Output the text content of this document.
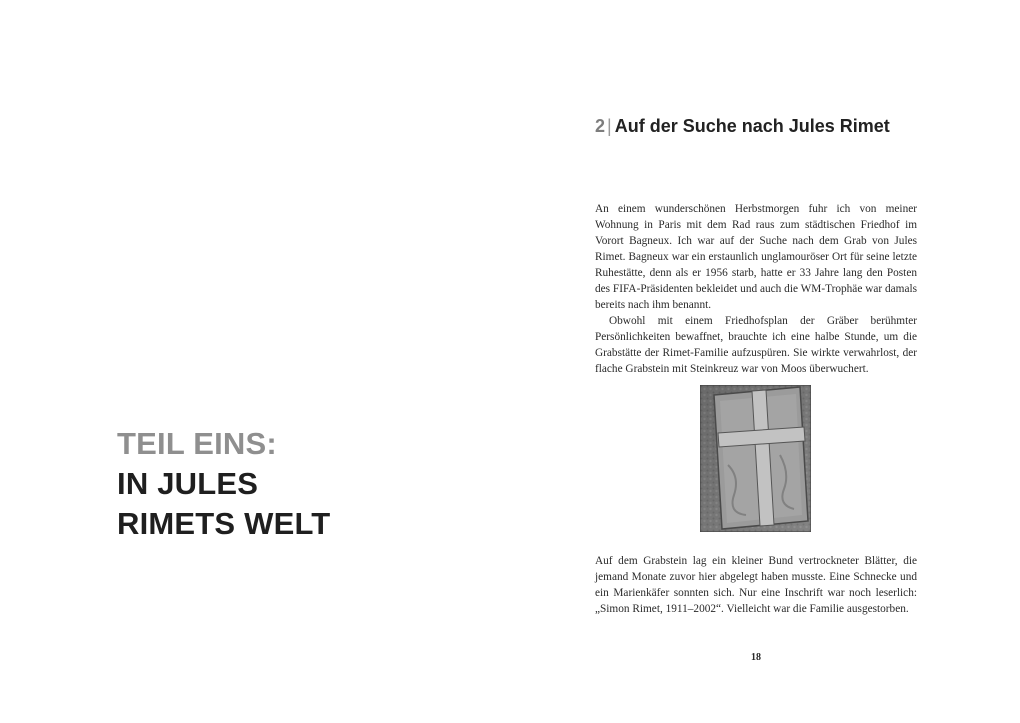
TEIL EINS:
IN JULES
RIMETS WELT
2 | Auf der Suche nach Jules Rimet

An einem wunderschönen Herbstmorgen fuhr ich von meiner Wohnung in Paris mit dem Rad raus zum städtischen Friedhof im Vorort Bagneux. Ich war auf der Suche nach dem Grab von Jules Rimet. Bagneux war ein erstaunlich unglamouröser Ort für seine letzte Ruhestätte, denn als er 1956 starb, hatte er 33 Jahre lang den Posten des FIFA-Präsidenten bekleidet und auch die WM-Trophäe war damals bereits nach ihm benannt.

Obwohl mit einem Friedhofsplan der Gräber berühmter Persönlichkeiten bewaffnet, brauchte ich eine halbe Stunde, um die Grabstätte der Rimet-Familie aufzuspüren. Sie wirkte verwahrlost, der flache Grabstein mit Steinkreuz war von Moos überwuchert.

Auf dem Grabstein lag ein kleiner Bund vertrockneter Blätter, die jemand Monate zuvor hier abgelegt haben musste. Eine Schnecke und ein Marienkäfer sonnten sich. Nur eine Inschrift war noch leserlich: „Simon Rimet, 1911–2002“. Vielleicht war die Familie ausgestorben.

18
